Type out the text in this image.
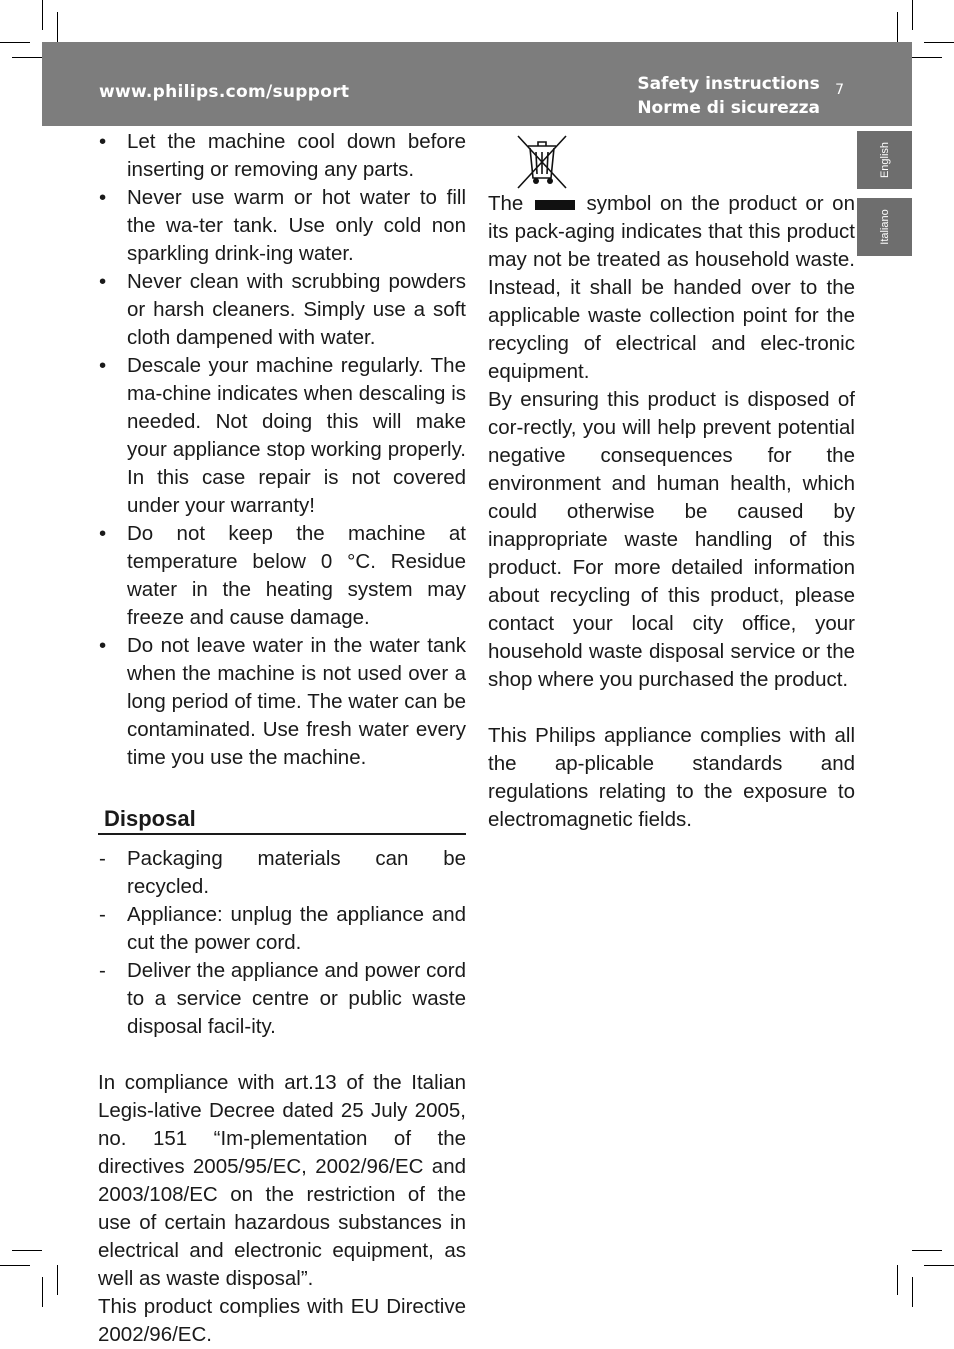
www.philips.com/support	Safety instructions
Norme di sicurezza
7
English
Italiano
• Let the machine cool down before inserting or removing any parts.
• Never use warm or hot water to fill the wa-ter tank. Use only cold non sparkling drink-ing water.
• Never clean with scrubbing powders or harsh cleaners. Simply use a soft cloth dampened with water.
• Descale your machine regularly. The ma-chine indicates when descaling is needed. Not doing this will make your appliance stop working properly. In this case repair is not covered under your warranty!
• Do not keep the machine at temperature below 0 °C. Residue water in the heating system may freeze and cause damage.
• Do not leave water in the water tank when the machine is not used over a long period of time. The water can be contaminated. Use fresh water every time you use the machine.
Disposal
- Packaging materials can be recycled.
- Appliance: unplug the appliance and cut the power cord.
- Deliver the appliance and power cord to a service centre or public waste disposal facil-ity.

In compliance with art.13 of the Italian Legis-lative Decree dated 25 July 2005, no. 151 “Im-plementation of the directives 2005/95/EC, 2002/96/EC and 2003/108/EC on the restriction of the use of certain hazardous substances in electrical and electronic equipment, as well as waste disposal”.

This product complies with EU Directive 2002/96/EC.

The	symbol on the product or on its pack-aging indicates that this product may not be treated as household waste. Instead, it shall be handed over to the applicable waste collection point for the recycling of electrical and elec-tronic equipment.

By ensuring this product is disposed of cor-rectly, you will help prevent potential negative consequences for the environment and human health, which could otherwise be caused by inappropriate waste handling of this product. For more detailed information about recycling of this product, please contact your local city office, your household waste disposal service or the shop where you purchased the product.

This Philips appliance complies with all the ap-plicable standards and regulations relating to the exposure to electromagnetic fields.
